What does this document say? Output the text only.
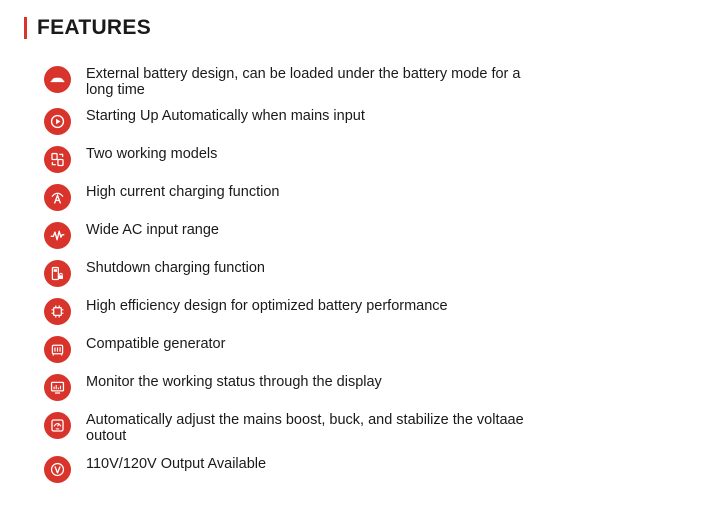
FEATURES
External battery design, can be loaded under the battery mode for a long time
Starting Up Automatically when mains input
Two working models
High current charging function
Wide AC input range
Shutdown charging function
High efficiency design for optimized battery performance
Compatible generator
Monitor the working status through the display
Automatically adjust the mains boost, buck, and stabilize the voltaae outout
110V/120V Output Available
